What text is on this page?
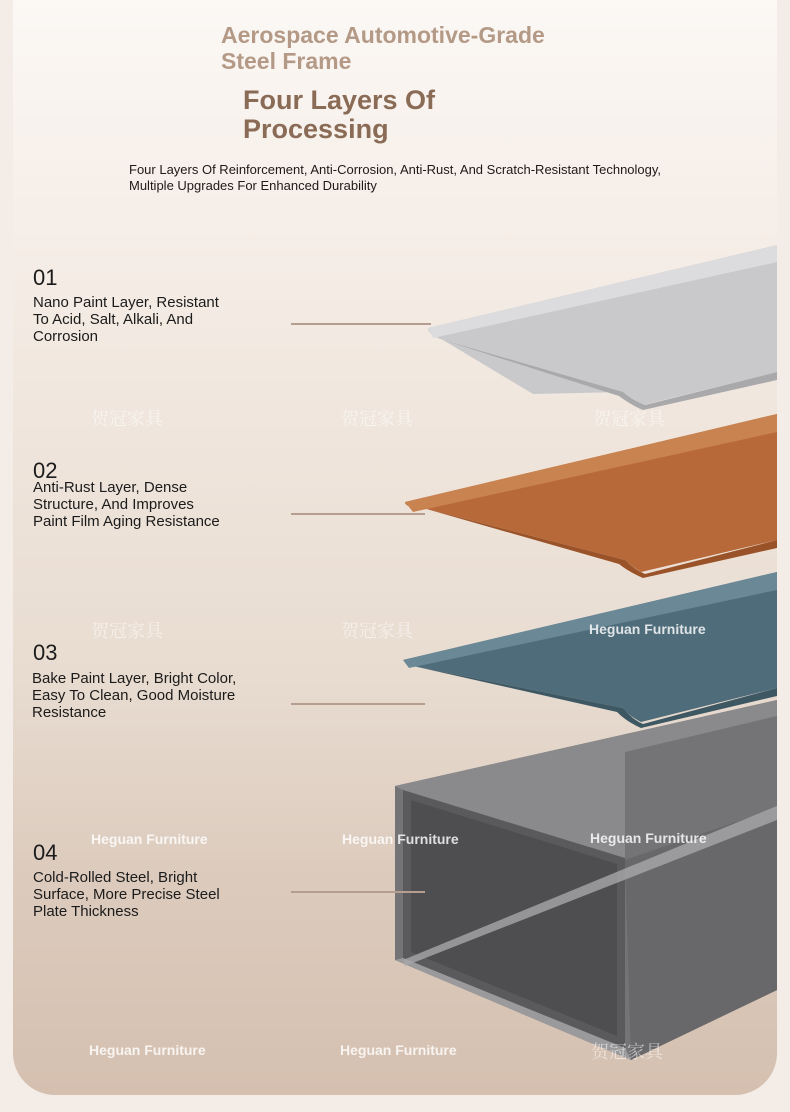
Aerospace Automotive-Grade
Steel Frame
Four Layers Of
Processing
Four Layers Of Reinforcement, Anti-Corrosion, Anti-Rust, And Scratch-Resistant Technology, Multiple Upgrades For Enhanced Durability
01
Nano Paint Layer, Resistant To Acid, Salt, Alkali, And Corrosion
02
Anti-Rust Layer, Dense Structure, And Improves Paint Film Aging Resistance
03
Bake Paint Layer, Bright Color, Easy To Clean, Good Moisture Resistance
04
Cold-Rolled Steel, Bright Surface, More Precise Steel Plate Thickness
贺冠家具	贺冠家具	贺冠家具
贺冠家具	贺冠家具	Heguan Furniture
Heguan Furniture	Heguan Furniture	Heguan Furniture
Heguan Furniture	Heguan Furniture	贺冠家具
